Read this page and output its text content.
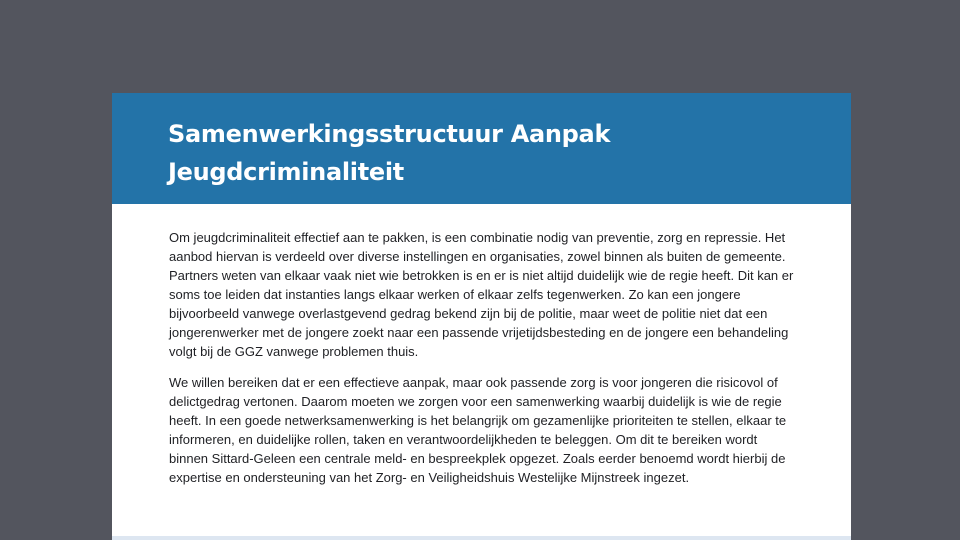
Samenwerkingsstructuur Aanpak
Jeugdcriminaliteit

Om jeugdcriminaliteit effectief aan te pakken, is een combinatie nodig van preventie, zorg en repressie. Het aanbod hiervan is verdeeld over diverse instellingen en organisaties, zowel binnen als buiten de gemeente. Partners weten van elkaar vaak niet wie betrokken is en er is niet altijd duidelijk wie de regie heeft. Dit kan er soms toe leiden dat instanties langs elkaar werken of elkaar zelfs tegenwerken. Zo kan een jongere bijvoorbeeld vanwege overlastgevend gedrag bekend zijn bij de politie, maar weet de politie niet dat een jongerenwerker met de jongere zoekt naar een passende vrijetijdsbesteding en de jongere een behandeling volgt bij de GGZ vanwege problemen thuis.

We willen bereiken dat er een effectieve aanpak, maar ook passende zorg is voor jongeren die risicovol of delictgedrag vertonen. Daarom moeten we zorgen voor een samenwerking waarbij duidelijk is wie de regie heeft. In een goede netwerksamenwerking is het belangrijk om gezamenlijke prioriteiten te stellen, elkaar te informeren, en duidelijke rollen, taken en verantwoordelijkheden te beleggen. Om dit te bereiken wordt binnen Sittard-Geleen een centrale meld- en bespreekplek opgezet. Zoals eerder benoemd wordt hierbij de expertise en ondersteuning van het Zorg- en Veiligheidshuis Westelijke Mijnstreek ingezet.
